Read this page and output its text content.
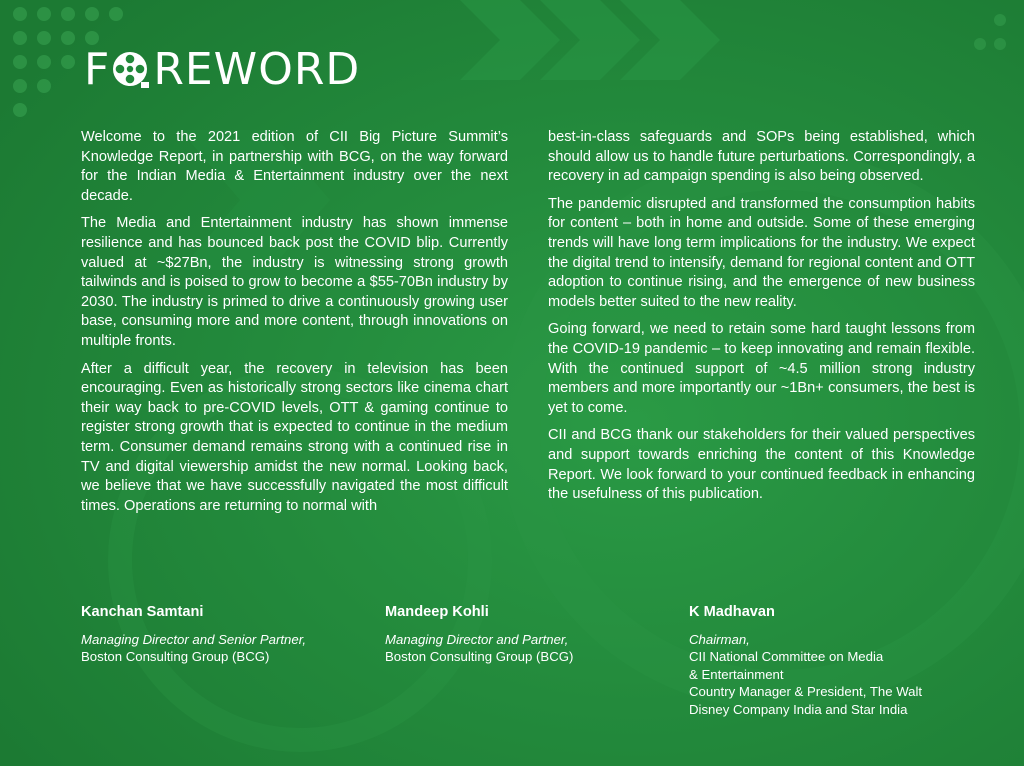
F REWORD

Welcome to the 2021 edition of CII Big Picture Summit’s Knowledge Report, in partnership with BCG, on the way forward for the Indian Media & Entertainment industry over the next decade.

The Media and Entertainment industry has shown immense resilience and has bounced back post the COVID blip. Currently valued at ~$27Bn, the industry is witnessing strong growth tailwinds and is poised to grow to become a $55-70Bn industry by 2030. The industry is primed to drive a continuously growing user base, consuming more and more content, through innovations on multiple fronts.

After a difficult year, the recovery in television has been encouraging. Even as historically strong sectors like cinema chart their way back to pre-COVID levels, OTT & gaming continue to register strong growth that is expected to continue in the medium term. Consumer demand remains strong with a continued rise in TV and digital viewership amidst the new normal. Looking back, we believe that we have successfully navigated the most difficult times. Operations are returning to normal with

best-in-class safeguards and SOPs being established, which should allow us to handle future perturbations. Correspondingly, a recovery in ad campaign spending is also being observed.

The pandemic disrupted and transformed the consumption habits for content – both in home and outside. Some of these emerging trends will have long term implications for the industry. We expect the digital trend to intensify, demand for regional content and OTT adoption to continue rising, and the emergence of new business models better suited to the new reality.

Going forward, we need to retain some hard taught lessons from the COVID-19 pandemic – to keep innovating and remain flexible. With the continued support of ~4.5 million strong industry members and more importantly our ~1Bn+ consumers, the best is yet to come.

CII and BCG thank our stakeholders for their valued perspectives and support towards enriching the content of this Knowledge Report. We look forward to your continued feedback in enhancing the usefulness of this publication.

Kanchan Samtani
Managing Director and Senior Partner,
Boston Consulting Group (BCG)
Mandeep Kohli
Managing Director and Partner,
Boston Consulting Group (BCG)
K Madhavan
Chairman,
CII National Committee on Media
& Entertainment
Country Manager & President, The Walt
Disney Company India and Star India
